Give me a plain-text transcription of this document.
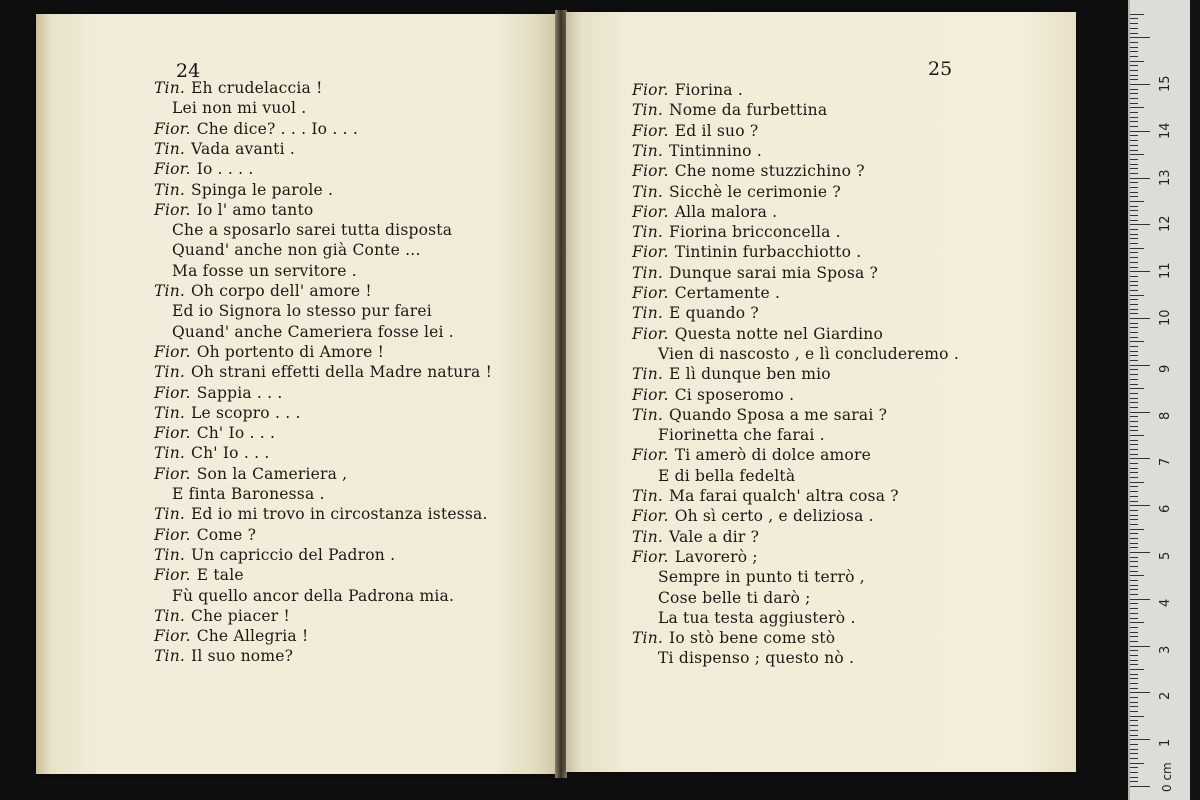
24
Tin. Eh crudelaccia !
Lei non mi vuol .
Fior. Che dice? . . . Io . . .
Tin. Vada avanti .
Fior. Io . . . .
Tin. Spinga le parole .
Fior. Io l' amo tanto
Che a sposarlo sarei tutta disposta
Quand' anche non già Conte ...
Ma fosse un servitore .
Tin. Oh corpo dell' amore !
Ed io Signora lo stesso pur farei
Quand' anche Cameriera fosse lei .
Fior. Oh portento di Amore !
Tin. Oh strani effetti della Madre natura !
Fior. Sappia . . .
Tin. Le scopro . . .
Fior. Ch' Io . . .
Tin. Ch' Io . . .
Fior. Son la Cameriera ,
E finta Baronessa .
Tin. Ed io mi trovo in circostanza istessa.
Fior. Come ?
Tin. Un capriccio del Padron .
Fior. E tale
Fù quello ancor della Padrona mia.
Tin. Che piacer !
Fior. Che Allegria !
Tin. Il suo nome?
25
Fior. Fiorina .
Tin. Nome da furbettina
Fior. Ed il suo ?
Tin. Tintinnino .
Fior. Che nome stuzzichino ?
Tin. Sicchè le cerimonie ?
Fior. Alla malora .
Tin. Fiorina bricconcella .
Fior. Tintinin furbacchiotto .
Tin. Dunque sarai mia Sposa ?
Fior. Certamente .
Tin. E quando ?
Fior. Questa notte nel Giardino
Vien di nascosto , e lì concluderemo .
Tin. E lì dunque ben mio
Fior. Ci sposeromo .
Tin. Quando Sposa a me sarai ?
Fiorinetta che farai .
Fior. Ti amerò di dolce amore
E di bella fedeltà
Tin. Ma farai qualch' altra cosa ?
Fior. Oh sì certo , e deliziosa .
Tin. Vale a dir ?
Fior. Lavorerò ;
Sempre in punto ti terrò ,
Cose belle ti darò ;
La tua testa aggiusterò .
Tin. Io stò bene come stò
Ti dispenso ; questo nò .
1
2
3
4
5
6
7
8
9
10
11
12
13
14
15
0 cm
